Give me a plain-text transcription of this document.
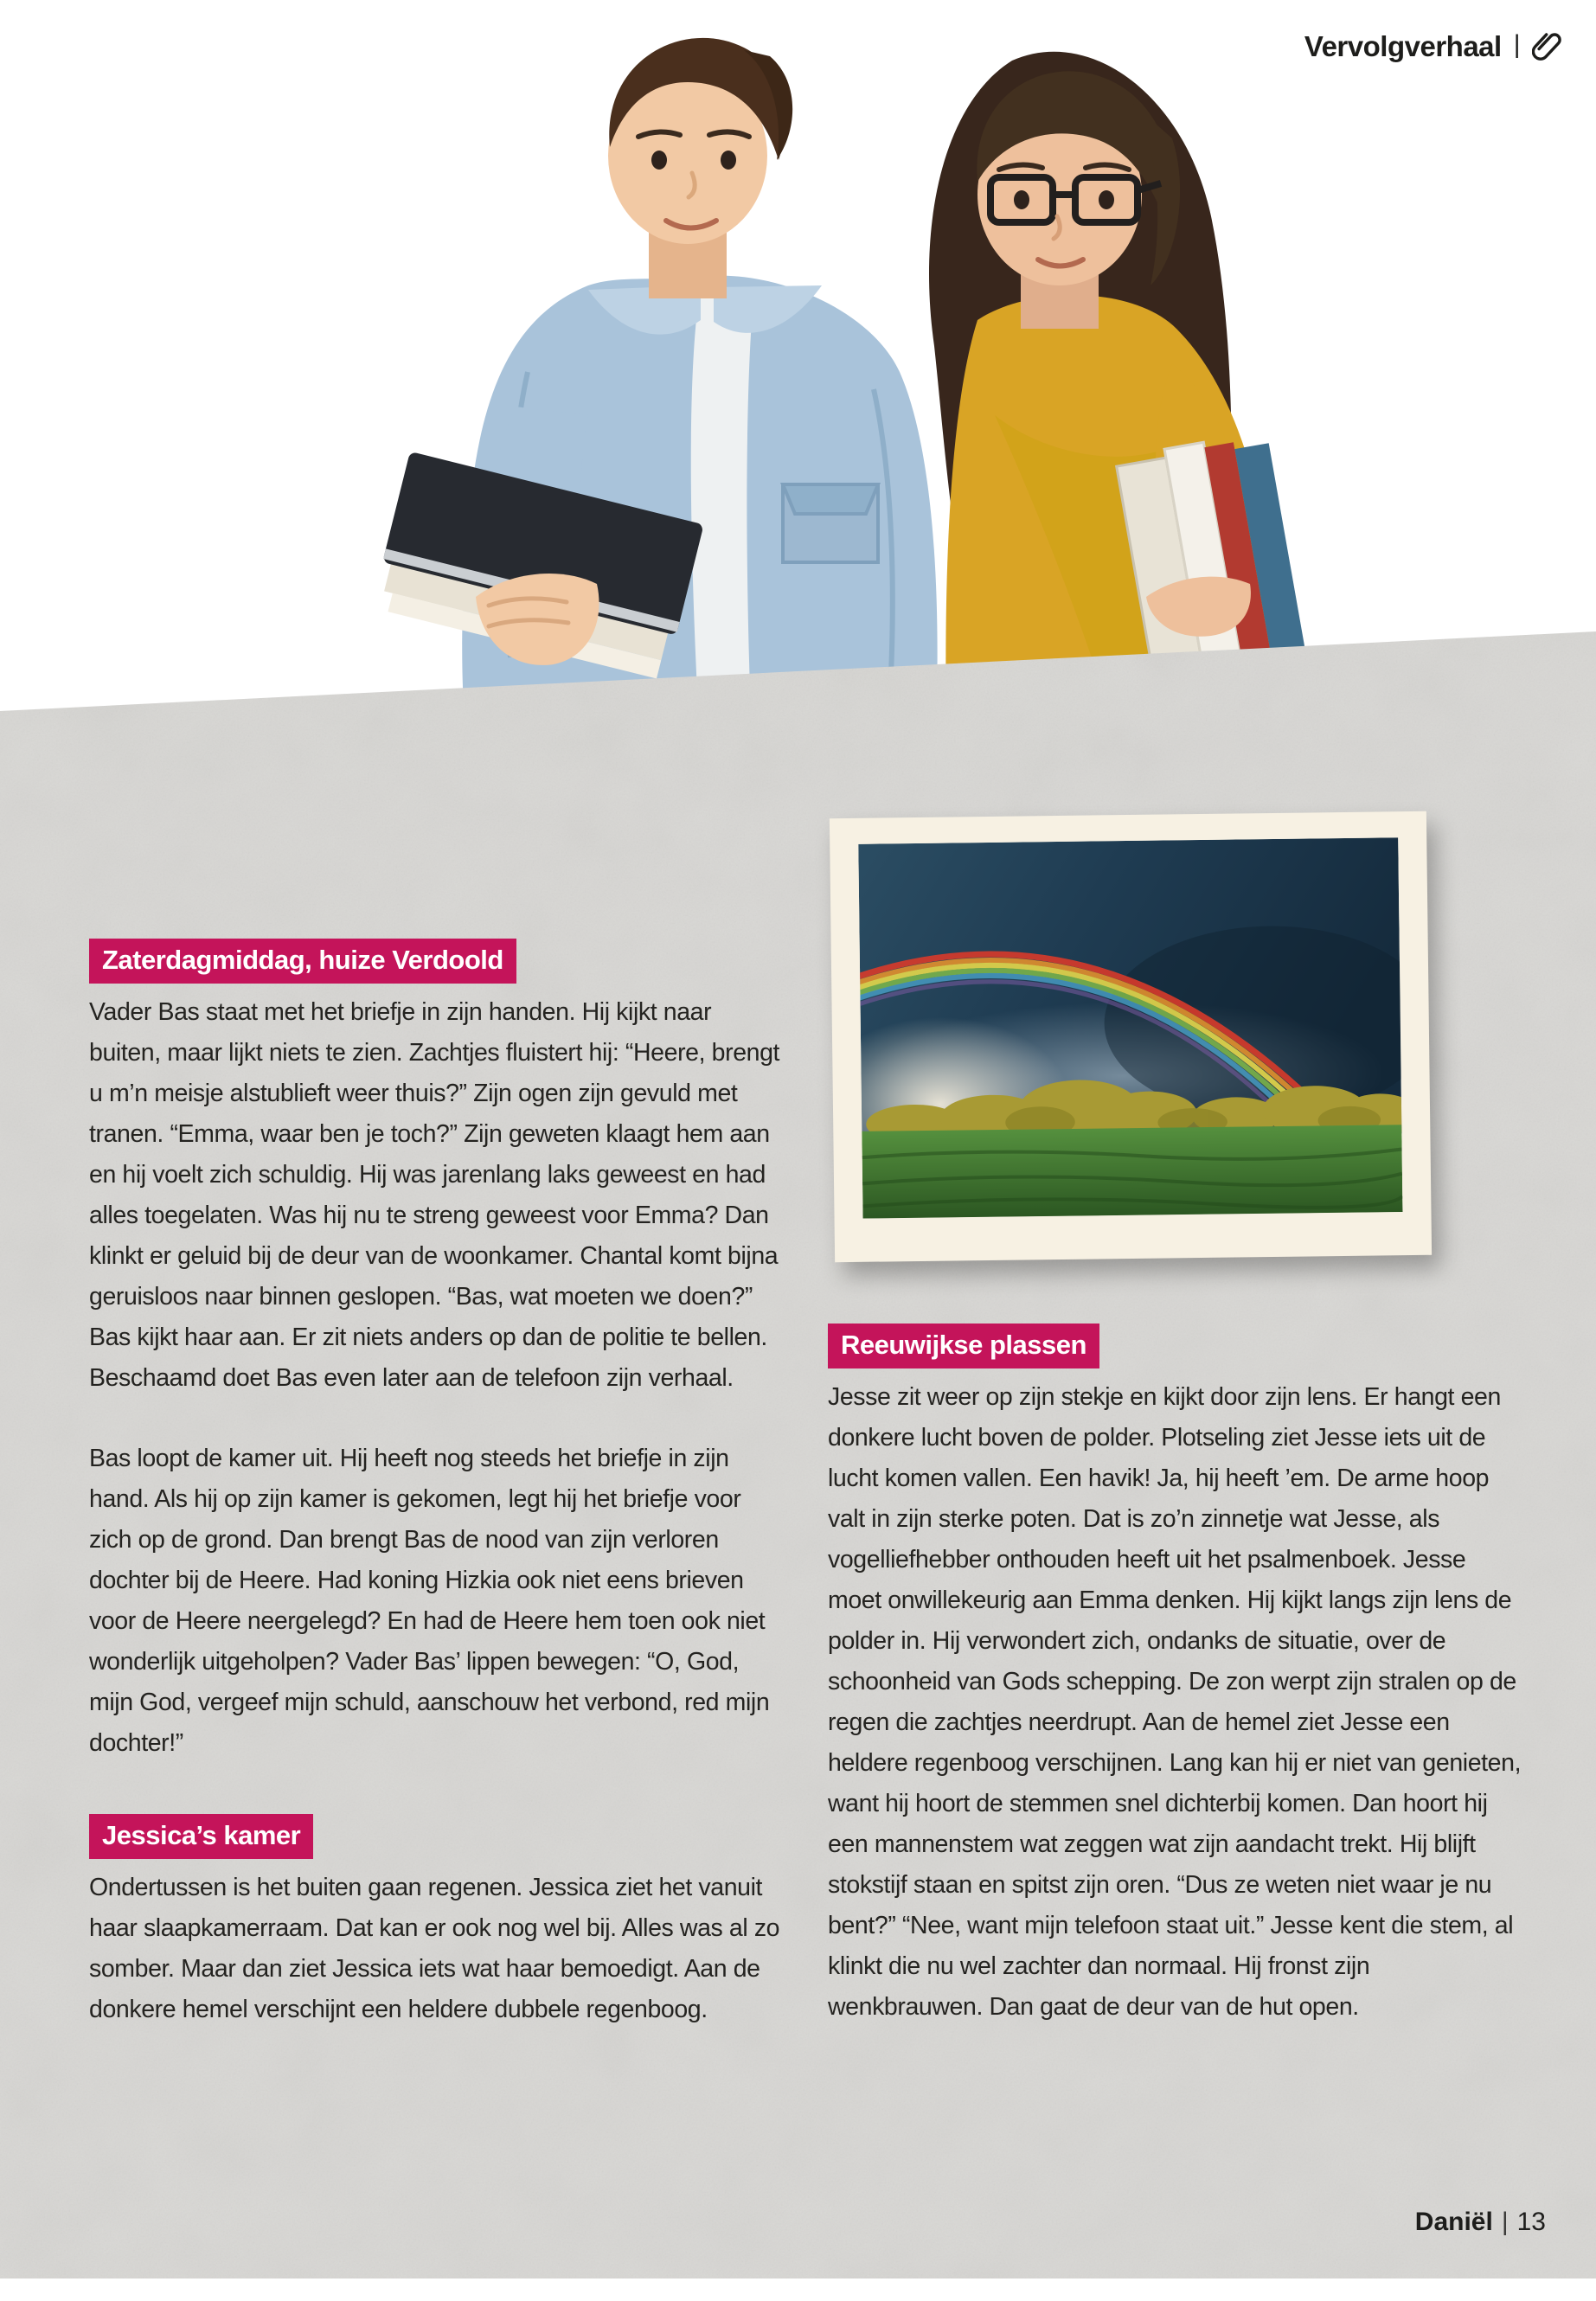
Vervolgverhaal |
Zaterdagmiddag, huize Verdoold

Vader Bas staat met het briefje in zijn handen. Hij kijkt naar buiten, maar lijkt niets te zien. Zachtjes fluistert hij: “Heere, brengt u m’n meisje alstublieft weer thuis?” Zijn ogen zijn gevuld met tranen. “Emma, waar ben je toch?” Zijn geweten klaagt hem aan en hij voelt zich schuldig. Hij was jarenlang laks geweest en had alles toegelaten. Was hij nu te streng geweest voor Emma? Dan klinkt er geluid bij de deur van de woonkamer. Chantal komt bijna geruisloos naar binnen geslopen. “Bas, wat moeten we doen?” Bas kijkt haar aan. Er zit niets anders op dan de politie te bellen. Beschaamd doet Bas even later aan de telefoon zijn verhaal.

Bas loopt de kamer uit. Hij heeft nog steeds het briefje in zijn hand. Als hij op zijn kamer is gekomen, legt hij het briefje voor zich op de grond. Dan brengt Bas de nood van zijn verloren dochter bij de Heere. Had koning Hizkia ook niet eens brieven voor de Heere neergelegd? En had de Heere hem toen ook niet wonderlijk uitgeholpen? Vader Bas’ lippen bewegen: “O, God, mijn God, vergeef mijn schuld, aanschouw het verbond, red mijn dochter!”

Jessica’s kamer

Ondertussen is het buiten gaan regenen. Jessica ziet het vanuit haar slaapkamerraam. Dat kan er ook nog wel bij. Alles was al zo somber. Maar dan ziet Jessica iets wat haar bemoedigt. Aan de donkere hemel verschijnt een heldere dubbele regenboog.

Reeuwijkse plassen

Jesse zit weer op zijn stekje en kijkt door zijn lens. Er hangt een donkere lucht boven de polder. Plotseling ziet Jesse iets uit de lucht komen vallen. Een havik! Ja, hij heeft ’em. De arme hoop valt in zijn sterke poten. Dat is zo’n zinnetje wat Jesse, als vogelliefhebber onthouden heeft uit het psalmenboek. Jesse moet onwillekeurig aan Emma denken. Hij kijkt langs zijn lens de polder in. Hij verwondert zich, ondanks de situatie, over de schoonheid van Gods schepping. De zon werpt zijn stralen op de regen die zachtjes neerdrupt. Aan de hemel ziet Jesse een heldere regenboog verschijnen. Lang kan hij er niet van genieten, want hij hoort de stemmen snel dichterbij komen. Dan hoort hij een mannenstem wat zeggen wat zijn aandacht trekt. Hij blijft stokstijf staan en spitst zijn oren. “Dus ze weten niet waar je nu bent?” “Nee, want mijn telefoon staat uit.” Jesse kent die stem, al klinkt die nu wel zachter dan normaal. Hij fronst zijn wenkbrauwen. Dan gaat de deur van de hut open.

Daniël | 13
